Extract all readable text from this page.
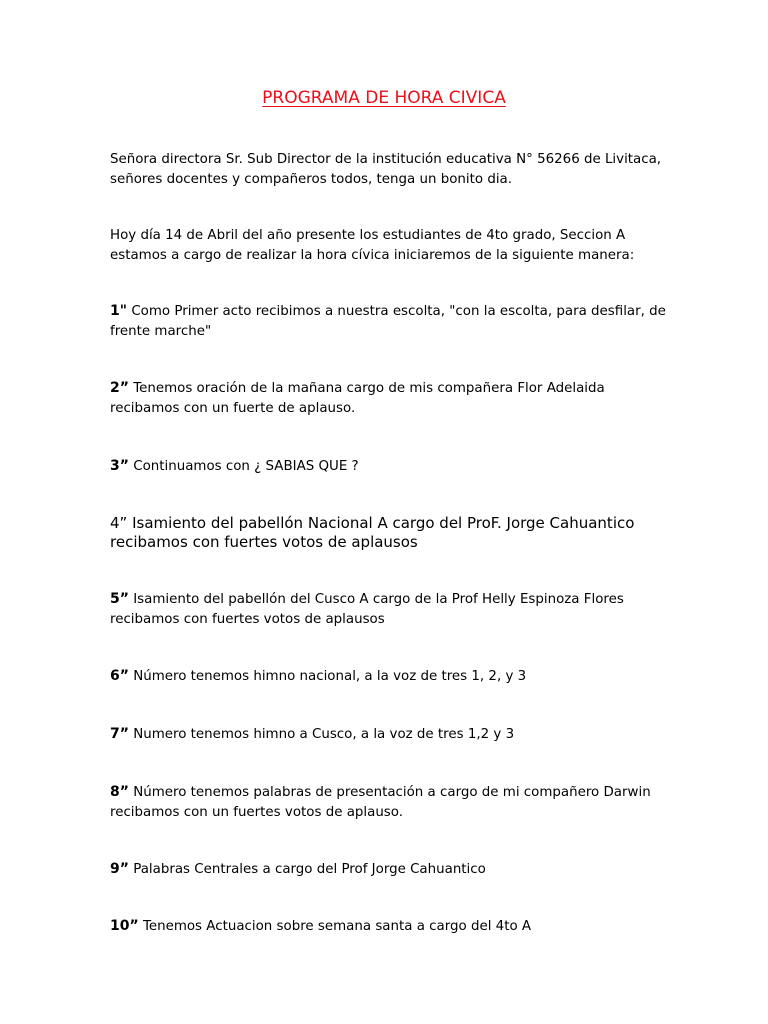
PROGRAMA DE HORA CIVICA
Señora directora Sr. Sub Director de la institución educativa N° 56266 de Livitaca, señores docentes y compañeros todos, tenga un bonito dia.
Hoy día 14 de Abril del año presente los estudiantes de 4to grado, Seccion A estamos a cargo de realizar la hora cívica iniciaremos de la siguiente manera:
1" Como Primer acto recibimos a nuestra escolta, "con la escolta, para desfilar, de frente marche"
2” Tenemos oración de la mañana cargo de mis compañera Flor Adelaida recibamos con un fuerte de aplauso.
3” Continuamos con ¿ SABIAS QUE ?
4” Isamiento del pabellón Nacional A cargo del ProF. Jorge Cahuantico recibamos con fuertes votos de aplausos
5” Isamiento del pabellón del Cusco A cargo de la Prof Helly Espinoza Flores recibamos con fuertes votos de aplausos
6” Número tenemos himno nacional, a la voz de tres 1, 2, y 3
7” Numero tenemos himno a Cusco, a la voz de tres 1,2 y 3
8” Número tenemos palabras de presentación a cargo de mi compañero Darwin recibamos con un fuertes votos de aplauso.
9” Palabras Centrales a cargo del Prof Jorge Cahuantico
10” Tenemos Actuacion sobre semana santa a cargo del 4to A
